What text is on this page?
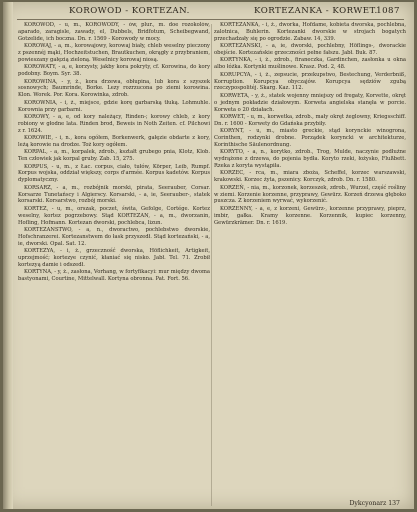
KOROWOD - KORTEZAN.	KORTEZANKA - KORWET.
1087

KOROWOD, - u, m., KOROWODY, - ów, plur., m. doe rozokolów, aparado, zaragisle, zawady, el, Dubbels, Bridfotum, Scheibegwand, Gotzelide, ich boczna. Dn. r. 1569 - Korowody w mocy.

KOROWAJ, - a, m., korowajowy, korowaj biały, chleb weselny pieczony z pszennéj mąki, Hochzeitstuchen, Brautkuchen, okrągły z przybraniem, powieszany gałęzią zieloną. Weselnicy korowaj niosą.

KOROWATY, - a, e, korzysty, jakby kora pokryty, cf. Korowina, do kory podobny. Boym. Syr. 38.

KOROWINA, - y, ż., kora drzewa, obłupina, lub kora z szyszek sosnowych; Baumrinde, Borke. Lezy rozrzucona po ziemi korowina. Klon. Worek. Por. Kora. Korowinka, zdrob.

KOROWNIA, - i, ż., miejsce, gdzie korę garbarską tłuką. Lohmuhle. Korownia przy garbarni.

KOROWY, - a, e, od kory należący, Rinden-; korowy chleb, z kory robiony w głodne lata. Rinden brod, Beweis in Noth Zeiten. cf. Pilchowi z r. 1624.

KOROWIE, - i, n., kora ogółem, Borkenwerk, gałęzie obdarte z kory, leżą korowie na drodze. Toż kory ogółem.

KORPAL, - a, m., korpalek, zdrob., kształt grubego pnia, Klotz, Klob. Ten człowiek jak korpal gruby. Zab. 15, 275.

KORPUS, - u, m., z Łac. corpus, ciało, tułów, Körper, Leib, Rumpf. Korpus wojska, oddział większy, corps d'armée. Korpus kadetów. Korpus dyplomatyczny.

KORSARZ, - a, m., rozbójnik morski, pirata, Seerauber, Corsar. Korsarze Tunetańscy i Algierscy. Korsarski, - a, ie, Seerauber-, statek korsarski. Korsarstwo, rozbój morski.

KORTEZ, - u, m., orszak, poczet, świta, Gefolge, Cortége. Kortez weselny, kortez pogrzebowy. Stąd KORTEZAN, - a, m., dworzanin, Hofling, Hofmann. Kortezan dworski, pochlebca, lizun.

KORTEZANSTWO, - a, n., dworactwo, pochlebstwo dworskie, Hofschranzerei. Kortezanstwem do łask przyszedł. Stąd kortezański, - a, ie, dworski. Opal. Sat. 12.

KORTEZYA, - i, ż., grzeczność dworska, Höflichkeit, Artigkeit, uprzejmość; kortezye czynić, kłaniać się nisko. Jabł. Tel. 71. Zrobił kortezyą damie i odszedł.

KORTYNA, - y, ż., zasłona, Vorhang, w fortyfikacyi: mur między dwoma bastyonami, Courtine, Mittelwall. Kortyna obronna. Pat. Fort. 56.

KORTEZANKA, - i, ż., dworka, Hofdame, kobieta dworska, pochlebna, zalotnica, Buhlerin. Kortezanki dworskie w strojach bogatych przechadzały się po ogrodzie. Zabaw. 14, 339.

KORTEZANSKI, - a, ie, dworski, pochlebny, Höflings-, dworackie obejście. Kortezańskie grzeczności pełne fałszu. Jabł. Buk. 87.

KORTYNKA, - i, ż., zdrob., firaneczka, Gardinchen, zasłonka u okna albo łóżka. Kortynki muślinowe. Krasz. Pod. 2, 48.

KORUPCYA, - i, ż., zepsucie, przekupstwo, Bestechung, Verderbniß, Korruption. Korupcya obyczajów. Korupcya sędziów zgubą rzeczypospolitéj. Skarg. Kaz. 112.

KORWETA, - y, ż., statek wojenny mniejszy od fregaty, Korvette, okręt o jednym pokładzie działowym. Korweta angielska stanęła w porcie. Korweta o 20 działach.

KORWET, - u, m., korwetka, zdrob., mały okręt żeglowny, Kriegsschiff. Dn. r. 1600 - Korwety do Gdańska przybiły.

KORYNT, - u, m., miasto greckie, stąd korynckie winogrona, Corinthen, rodzynki drobne. Porządek koryncki w architekturze, Korinthische Säulenordnung.

KORYTO, - a, n., korytko, zdrob., Trog, Mulde, naczynie podłużne wydrążone z drzewa, do pojenia bydła. Koryto rzeki, łożysko, Flußbett. Rzeka z koryta wystąpiła.

KORZEC, - rca, m., miara zboża, Scheffel, korzec warszawski, krakowski. Korzec żyta, pszenicy. Korczyk, zdrob. Dn. r. 1580.

KORZEŃ, - nia, m., korzonek, korzeszek, zdrob., Wurzel, część rośliny w ziemi. Korzenie korzenne, przyprawy, Gewürz. Korzeń drzewa głęboko puszcza. Z korzeniem wyrwać, wykorzenić.

KORZENNY, - a, e, z korzeni, Gewürz-, korzenne przyprawy, pieprz, imbir, gałka. Kramy korzenne. Korzennik, kupiec korzenny, Gewürzkrämer. Dn. r. 1619.

Dykcyonarz 137
